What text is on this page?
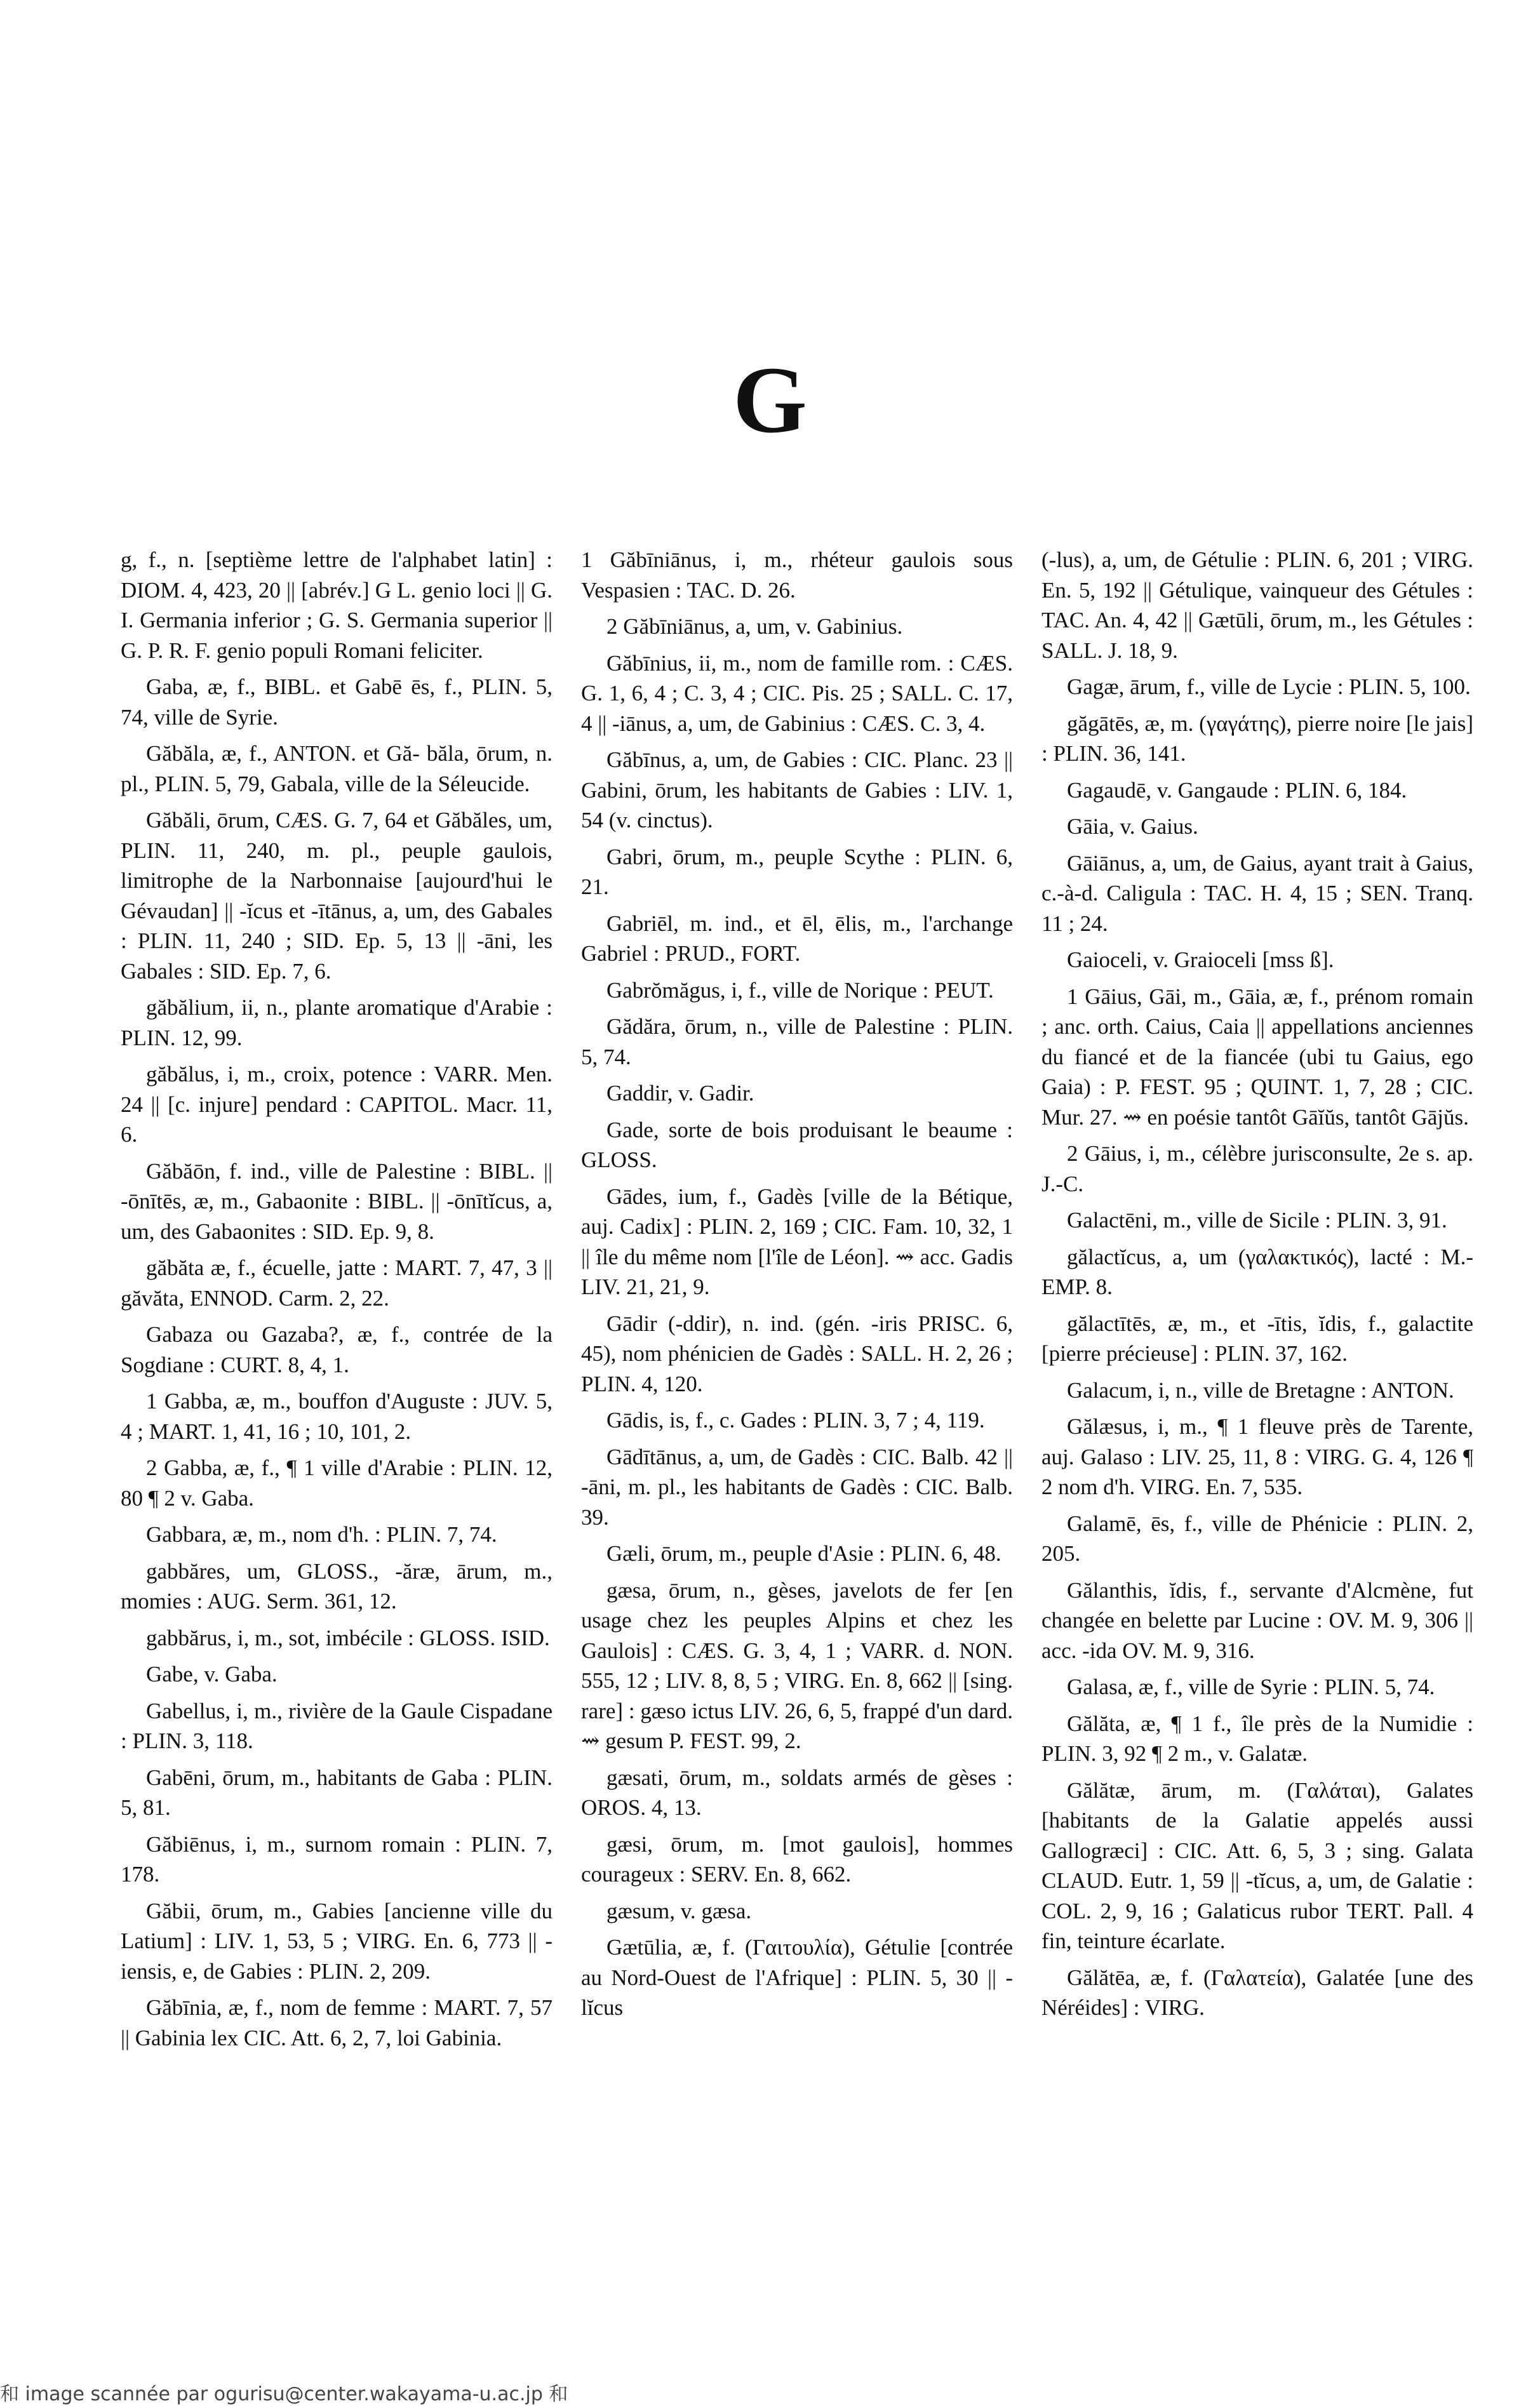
G

g, f., n. [septième lettre de l'alphabet latin] : DIOM. 4, 423, 20 || [abrév.] G L. genio loci || G. I. Germania inferior ; G. S. Germania superior || G. P. R. F. genio populi Romani feliciter.

Gaba, æ, f., BIBL. et Gabē ēs, f., PLIN. 5, 74, ville de Syrie.

Găbăla, æ, f., ANTON. et Gă- băla, ōrum, n. pl., PLIN. 5, 79, Gabala, ville de la Séleucide.

Găbăli, ōrum, CÆS. G. 7, 64 et Găbăles, um, PLIN. 11, 240, m. pl., peuple gaulois, limitrophe de la Narbonnaise [aujourd'hui le Gévaudan] || -ĭcus et -ītānus, a, um, des Gabales : PLIN. 11, 240 ; SID. Ep. 5, 13 || -āni, les Gabales : SID. Ep. 7, 6.

găbălium, ii, n., plante aromatique d'Arabie : PLIN. 12, 99.

găbălus, i, m., croix, potence : VARR. Men. 24 || [c. injure] pendard : CAPITOL. Macr. 11, 6.

Găbăōn, f. ind., ville de Palestine : BIBL. || -ōnītēs, æ, m., Gabaonite : BIBL. || -ōnītĭcus, a, um, des Gabaonites : SID. Ep. 9, 8.

găbăta æ, f., écuelle, jatte : MART. 7, 47, 3 || găvăta, ENNOD. Carm. 2, 22.

Gabaza ou Gazaba?, æ, f., contrée de la Sogdiane : CURT. 8, 4, 1.

1 Gabba, æ, m., bouffon d'Auguste : JUV. 5, 4 ; MART. 1, 41, 16 ; 10, 101, 2.

2 Gabba, æ, f., ¶ 1 ville d'Arabie : PLIN. 12, 80 ¶ 2 v. Gaba.

Gabbara, æ, m., nom d'h. : PLIN. 7, 74.

gabbăres, um, GLOSS., -ăræ, ārum, m., momies : AUG. Serm. 361, 12.

gabbărus, i, m., sot, imbécile : GLOSS. ISID.

Gabe, v. Gaba.

Gabellus, i, m., rivière de la Gaule Cispadane : PLIN. 3, 118.

Gabēni, ōrum, m., habitants de Gaba : PLIN. 5, 81.

Găbiēnus, i, m., surnom romain : PLIN. 7, 178.

Găbii, ōrum, m., Gabies [ancienne ville du Latium] : LIV. 1, 53, 5 ; VIRG. En. 6, 773 || -iensis, e, de Gabies : PLIN. 2, 209.

Găbīnia, æ, f., nom de femme : MART. 7, 57 || Gabinia lex CIC. Att. 6, 2, 7, loi Gabinia.

1 Găbīniānus, i, m., rhéteur gaulois sous Vespasien : TAC. D. 26.

2 Găbīniānus, a, um, v. Gabinius.

Găbīnius, ii, m., nom de famille rom. : CÆS. G. 1, 6, 4 ; C. 3, 4 ; CIC. Pis. 25 ; SALL. C. 17, 4 || -iānus, a, um, de Gabinius : CÆS. C. 3, 4.

Găbīnus, a, um, de Gabies : CIC. Planc. 23 || Gabini, ōrum, les habitants de Gabies : LIV. 1, 54 (v. cinctus).

Gabri, ōrum, m., peuple Scythe : PLIN. 6, 21.

Gabriēl, m. ind., et ēl, ēlis, m., l'archange Gabriel : PRUD., FORT.

Gabrŏmăgus, i, f., ville de Norique : PEUT.

Gădăra, ōrum, n., ville de Palestine : PLIN. 5, 74.

Gaddir, v. Gadir.

Gade, sorte de bois produisant le beaume : GLOSS.

Gādes, ium, f., Gadès [ville de la Bétique, auj. Cadix] : PLIN. 2, 169 ; CIC. Fam. 10, 32, 1 || île du même nom [l'île de Léon]. ⇝ acc. Gadis LIV. 21, 21, 9.

Gādir (-ddir), n. ind. (gén. -iris PRISC. 6, 45), nom phénicien de Gadès : SALL. H. 2, 26 ; PLIN. 4, 120.

Gādis, is, f., c. Gades : PLIN. 3, 7 ; 4, 119.

Gādītānus, a, um, de Gadès : CIC. Balb. 42 || -āni, m. pl., les habitants de Gadès : CIC. Balb. 39.

Gæli, ōrum, m., peuple d'Asie : PLIN. 6, 48.

gæsa, ōrum, n., gèses, javelots de fer [en usage chez les peuples Alpins et chez les Gaulois] : CÆS. G. 3, 4, 1 ; VARR. d. NON. 555, 12 ; LIV. 8, 8, 5 ; VIRG. En. 8, 662 || [sing. rare] : gæso ictus LIV. 26, 6, 5, frappé d'un dard. ⇝ gesum P. FEST. 99, 2.

gæsati, ōrum, m., soldats armés de gèses : OROS. 4, 13.

gæsi, ōrum, m. [mot gaulois], hommes courageux : SERV. En. 8, 662.

gæsum, v. gæsa.

Gætūlia, æ, f. (Γαιτουλία), Gétulie [contrée au Nord-Ouest de l'Afrique] : PLIN. 5, 30 || -lĭcus

(-lus), a, um, de Gétulie : PLIN. 6, 201 ; VIRG. En. 5, 192 || Gétulique, vainqueur des Gétules : TAC. An. 4, 42 || Gætūli, ōrum, m., les Gétules : SALL. J. 18, 9.

Gagæ, ārum, f., ville de Lycie : PLIN. 5, 100.

găgātēs, æ, m. (γαγάτης), pierre noire [le jais] : PLIN. 36, 141.

Gagaudē, v. Gangaude : PLIN. 6, 184.

Gāia, v. Gaius.

Gāiānus, a, um, de Gaius, ayant trait à Gaius, c.-à-d. Caligula : TAC. H. 4, 15 ; SEN. Tranq. 11 ; 24.

Gaioceli, v. Graioceli [mss ß].

1 Gāius, Gāi, m., Gāia, æ, f., prénom romain ; anc. orth. Caius, Caia || appellations anciennes du fiancé et de la fiancée (ubi tu Gaius, ego Gaia) : P. FEST. 95 ; QUINT. 1, 7, 28 ; CIC. Mur. 27. ⇝ en poésie tantôt Gāĭŭs, tantôt Gājŭs.

2 Gāius, i, m., célèbre jurisconsulte, 2e s. ap. J.-C.

Galactēni, m., ville de Sicile : PLIN. 3, 91.

gălactĭcus, a, um (γαλακτικός), lacté : M.-EMP. 8.

gălactītēs, æ, m., et -ītis, ĭdis, f., galactite [pierre précieuse] : PLIN. 37, 162.

Galacum, i, n., ville de Bretagne : ANTON.

Gălæsus, i, m., ¶ 1 fleuve près de Tarente, auj. Galaso : LIV. 25, 11, 8 : VIRG. G. 4, 126 ¶ 2 nom d'h. VIRG. En. 7, 535.

Galamē, ēs, f., ville de Phénicie : PLIN. 2, 205.

Gălanthis, ĭdis, f., servante d'Alcmène, fut changée en belette par Lucine : OV. M. 9, 306 || acc. -ida OV. M. 9, 316.

Galasa, æ, f., ville de Syrie : PLIN. 5, 74.

Gălăta, æ, ¶ 1 f., île près de la Numidie : PLIN. 3, 92 ¶ 2 m., v. Galatæ.

Gălătæ, ārum, m. (Γαλάται), Galates [habitants de la Galatie appelés aussi Gallogræci] : CIC. Att. 6, 5, 3 ; sing. Galata CLAUD. Eutr. 1, 59 || -tĭcus, a, um, de Galatie : COL. 2, 9, 16 ; Galaticus rubor TERT. Pall. 4 fin, teinture écarlate.

Gălătēa, æ, f. (Γαλατεία), Galatée [une des Néréides] : VIRG.

和 image scannée par ogurisu@center.wakayama-u.ac.jp 和
